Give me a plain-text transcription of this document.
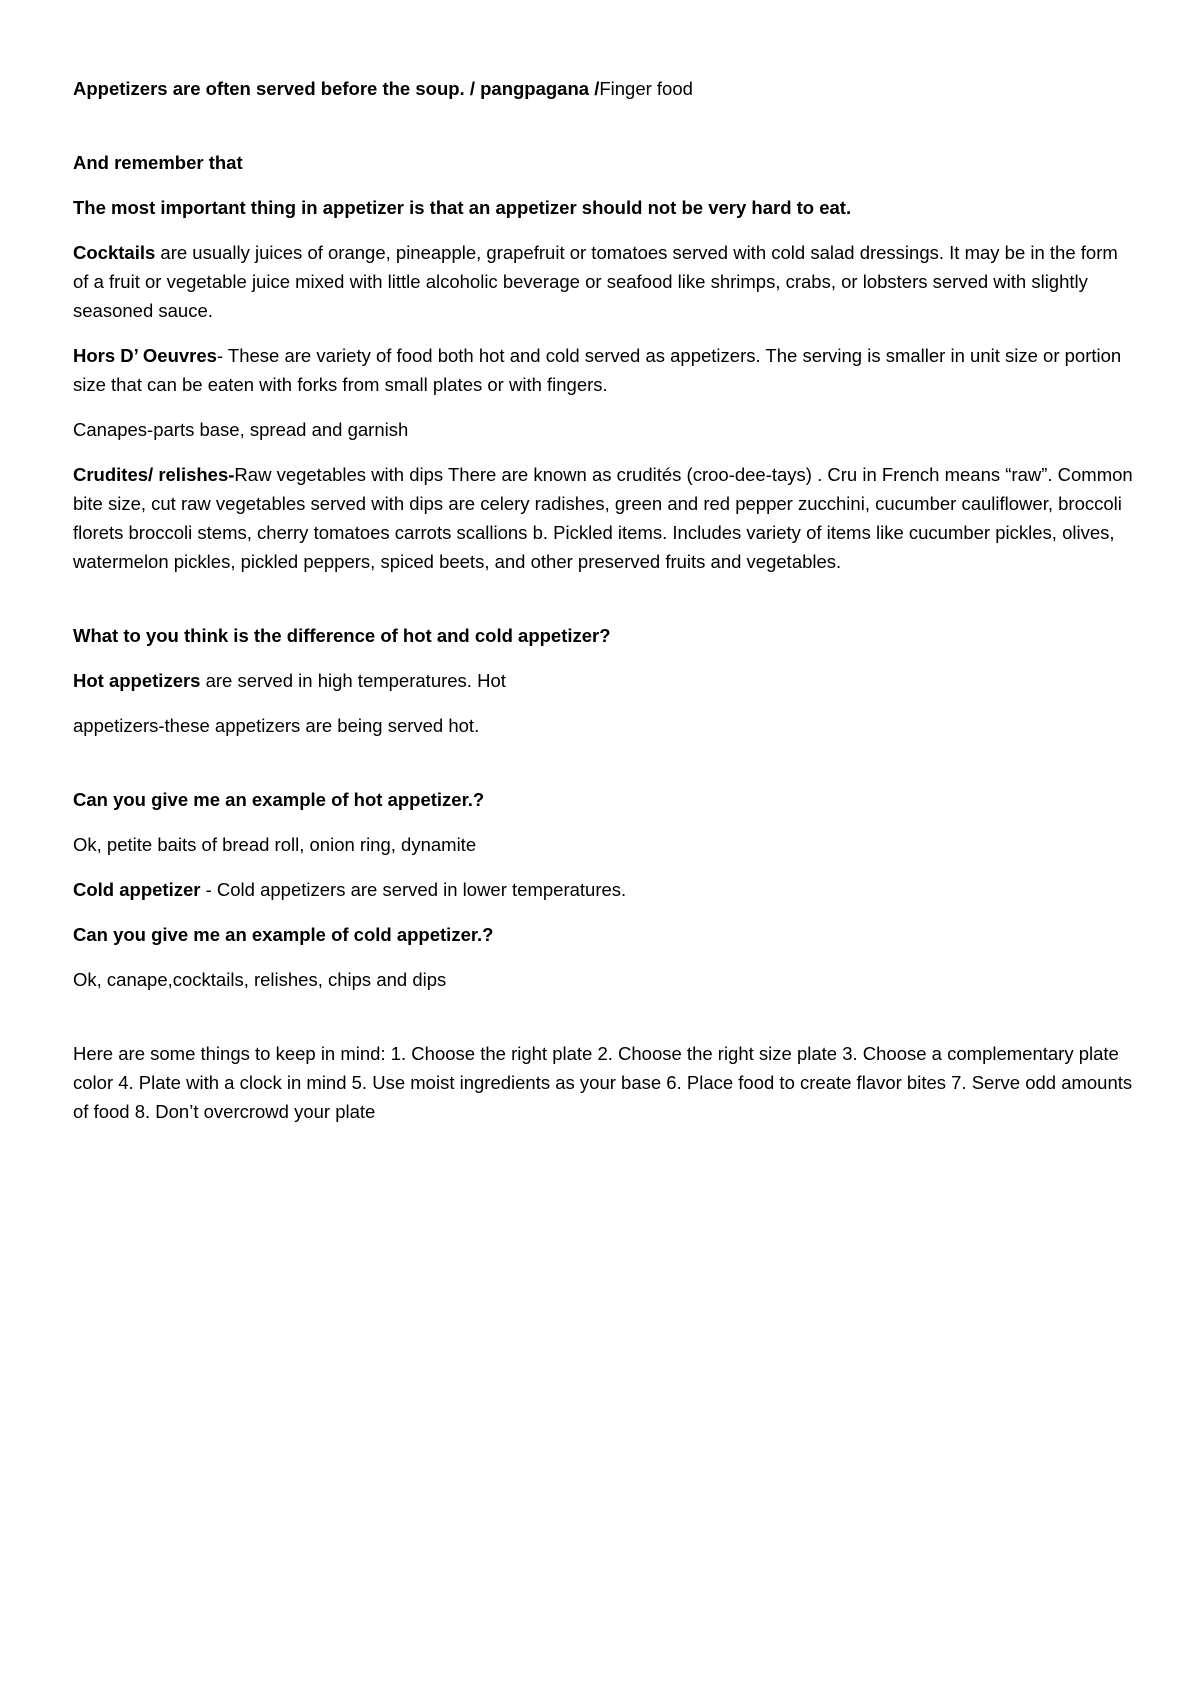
Appetizers are often served before the soup. / pangpagana /Finger food

And remember that

The most important thing in appetizer is that an appetizer should not be very hard to eat.

Cocktails are usually juices of orange, pineapple, grapefruit or tomatoes served with cold salad dressings. It may be in the form of a fruit or vegetable juice mixed with little alcoholic beverage or seafood like shrimps, crabs, or lobsters served with slightly seasoned sauce.

Hors D’ Oeuvres- These are variety of food both hot and cold served as appetizers. The serving is smaller in unit size or portion size that can be eaten with forks from small plates or with fingers.

Canapes-parts base, spread and garnish

Crudites/ relishes-Raw vegetables with dips There are known as crudités (croo-dee-tays) . Cru in French means “raw”. Common bite size, cut raw vegetables served with dips are celery radishes, green and red pepper zucchini, cucumber cauliflower, broccoli florets broccoli stems, cherry tomatoes carrots scallions b. Pickled items. Includes variety of items like cucumber pickles, olives, watermelon pickles, pickled peppers, spiced beets, and other preserved fruits and vegetables.

What to you think is the difference of hot and cold appetizer?

Hot appetizers are served in high temperatures. Hot

appetizers-these appetizers are being served hot.

Can you give me an example of hot appetizer.?

Ok, petite baits of bread roll, onion ring, dynamite

Cold appetizer - Cold appetizers are served in lower temperatures.

Can you give me an example of cold appetizer.?

Ok, canape,cocktails, relishes, chips and dips

Here are some things to keep in mind: 1. Choose the right plate 2. Choose the right size plate 3. Choose a complementary plate color 4. Plate with a clock in mind 5. Use moist ingredients as your base 6. Place food to create flavor bites 7. Serve odd amounts of food 8. Don’t overcrowd your plate
